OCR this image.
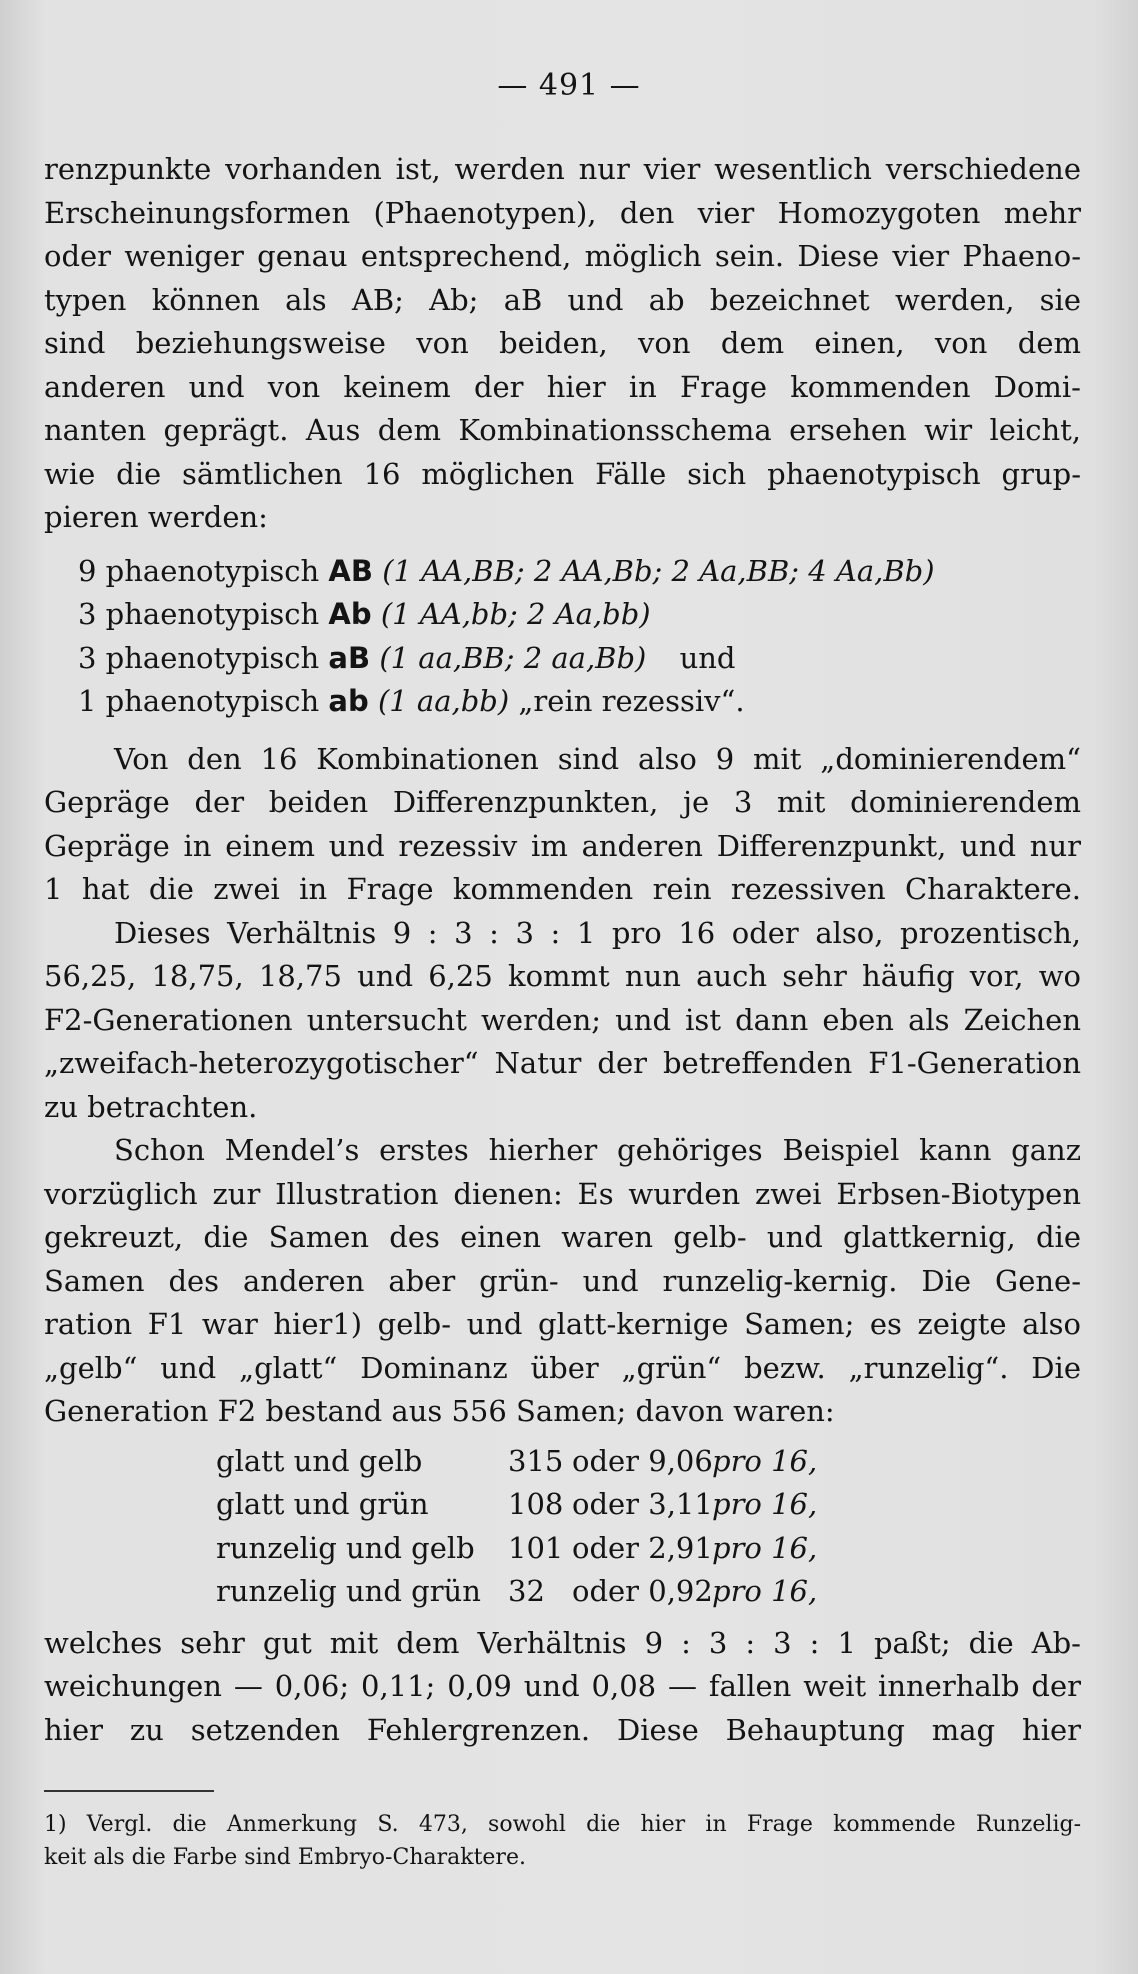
— 491 —
renzpunkte vorhanden ist, werden nur vier wesentlich verschiedene
Erscheinungsformen (Phaenotypen), den vier Homozygoten mehr
oder weniger genau entsprechend, möglich sein. Diese vier Phaeno-
typen können als AB; Ab; aB und ab bezeichnet werden, sie
sind beziehungsweise von beiden, von dem einen, von dem
anderen und von keinem der hier in Frage kommenden Domi-
nanten geprägt. Aus dem Kombinationsschema ersehen wir leicht,
wie die sämtlichen 16 möglichen Fälle sich phaenotypisch grup-
pieren werden:
9 phaenotypisch AB (1 AA,BB; 2 AA,Bb; 2 Aa,BB; 4 Aa,Bb)
3 phaenotypisch Ab (1 AA,bb; 2 Aa,bb)
3 phaenotypisch aB (1 aa,BB; 2 aa,Bb) und
1 phaenotypisch ab (1 aa,bb) „rein rezessiv“.
Von den 16 Kombinationen sind also 9 mit „dominierendem“
Gepräge der beiden Differenzpunkten, je 3 mit dominierendem
Gepräge in einem und rezessiv im anderen Differenzpunkt, und nur
1 hat die zwei in Frage kommenden rein rezessiven Charaktere.
Dieses Verhältnis 9 : 3 : 3 : 1 pro 16 oder also, prozentisch,
56,25, 18,75, 18,75 und 6,25 kommt nun auch sehr häufig vor, wo
F2-Generationen untersucht werden; und ist dann eben als Zeichen
„zweifach-heterozygotischer“ Natur der betreffenden F1-Generation
zu betrachten.
Schon Mendel’s erstes hierher gehöriges Beispiel kann ganz
vorzüglich zur Illustration dienen: Es wurden zwei Erbsen-Biotypen
gekreuzt, die Samen des einen waren gelb- und glattkernig, die
Samen des anderen aber grün- und runzelig-kernig. Die Gene-
ration F1 war hier1) gelb- und glatt-kernige Samen; es zeigte also
„gelb“ und „glatt“ Dominanz über „grün“ bezw. „runzelig“. Die
Generation F2 bestand aus 556 Samen; davon waren:
glatt und gelb	315 oder 9,06pro 16,
glatt und grün	108 oder 3,11pro 16,
runzelig und gelb 101 oder 2,91pro 16,
runzelig und grün 32 oder 0,92pro 16,
welches sehr gut mit dem Verhältnis 9 : 3 : 3 : 1 paßt; die Ab-
weichungen — 0,06; 0,11; 0,09 und 0,08 — fallen weit innerhalb der
hier zu setzenden Fehlergrenzen. Diese Behauptung mag hier
1) Vergl. die Anmerkung S. 473, sowohl die hier in Frage kommende Runzelig-
keit als die Farbe sind Embryo-Charaktere.
